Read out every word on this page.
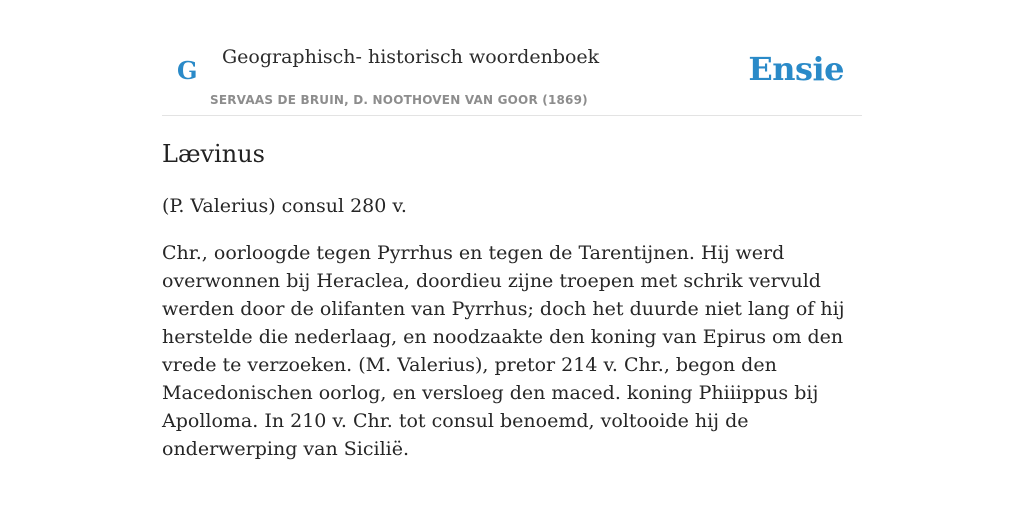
G Geographisch- historisch woordenboek
SERVAAS DE BRUIN, D. NOOTHOVEN VAN GOOR (1869)
Ensie
Lævinus

(P. Valerius) consul 280 v.

Chr., oorloogde tegen Pyrrhus en tegen de Tarentijnen. Hij werd overwonnen bij Heraclea, doordieu zijne troepen met schrik vervuld werden door de olifanten van Pyrrhus; doch het duurde niet lang of hij herstelde die nederlaag, en noodzaakte den koning van Epirus om den vrede te verzoeken. (M. Valerius), pretor 214 v. Chr., begon den Macedonischen oorlog, en versloeg den maced. koning Phiiippus bij Apolloma. In 210 v. Chr. tot consul benoemd, voltooide hij de onderwerping van Sicilië.
